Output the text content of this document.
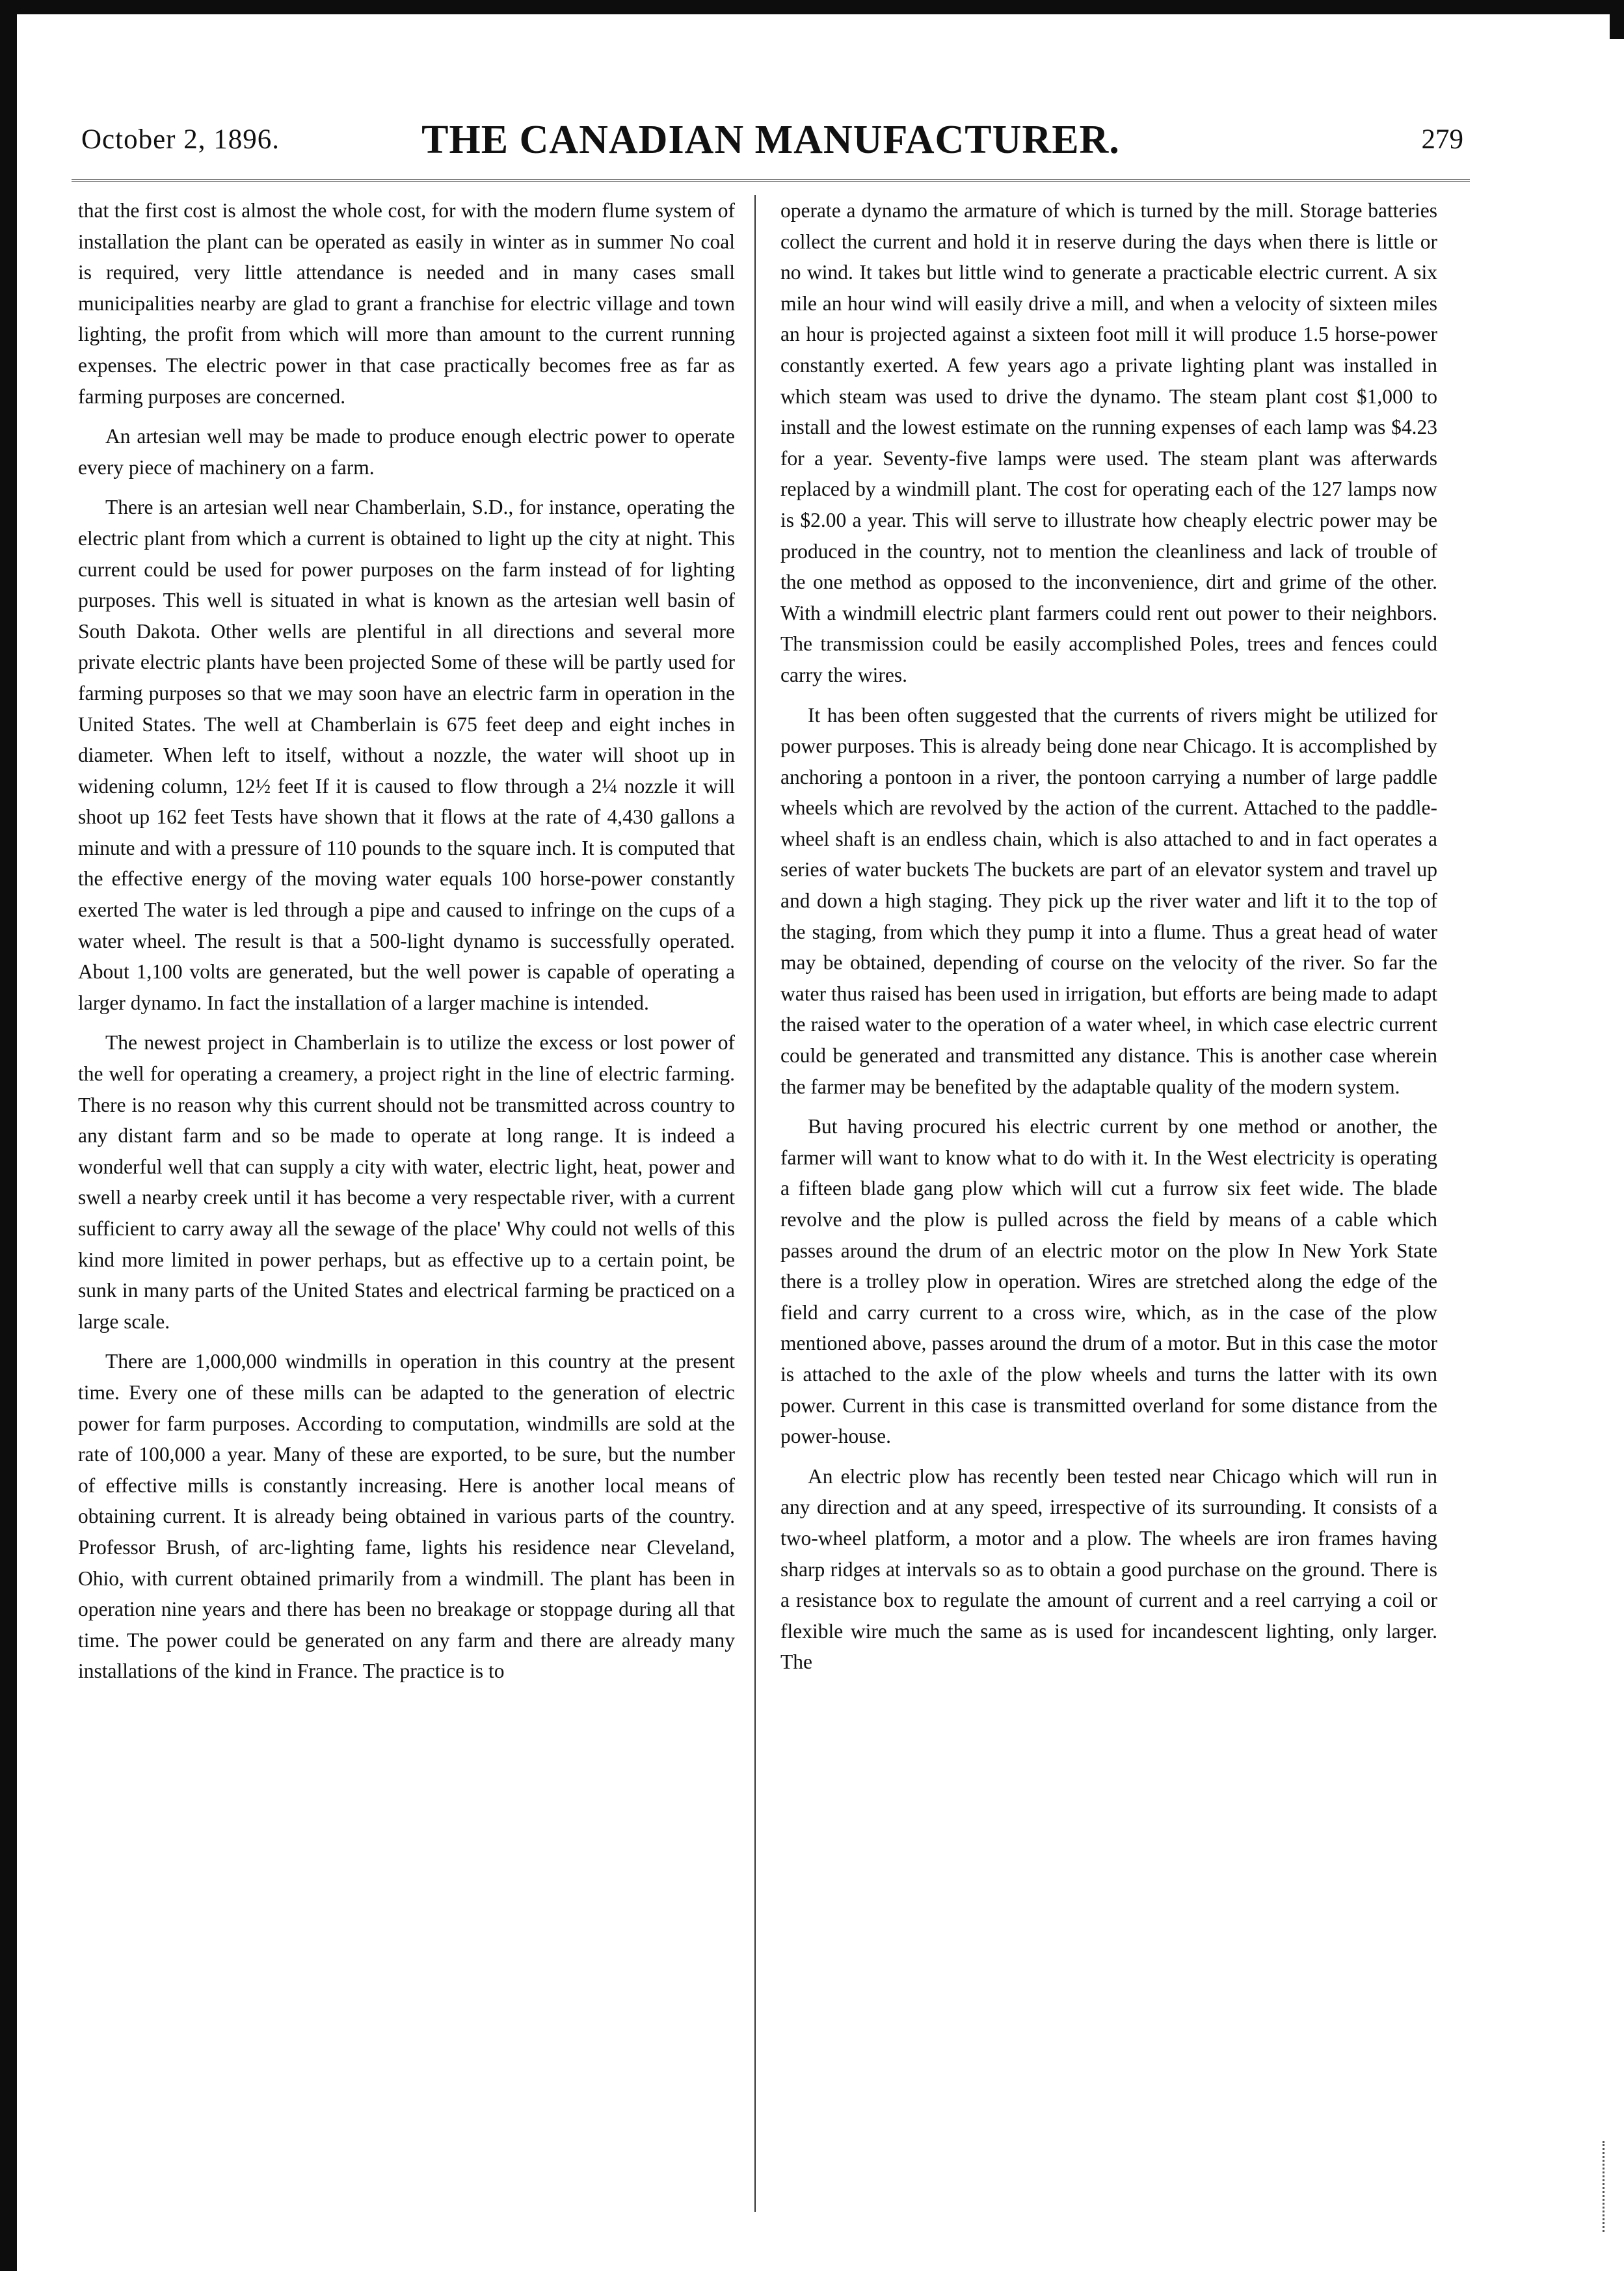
October 2, 1896.	THE CANADIAN MANUFACTURER.	279

that the first cost is almost the whole cost, for with the modern flume system of installation the plant can be operated as easily in winter as in summer No coal is required, very little attendance is needed and in many cases small municipalities nearby are glad to grant a franchise for electric village and town lighting, the profit from which will more than amount to the current running expenses. The electric power in that case practically becomes free as far as farming purposes are concerned.

An artesian well may be made to produce enough electric power to operate every piece of machinery on a farm.

There is an artesian well near Chamberlain, S.D., for instance, operating the electric plant from which a current is obtained to light up the city at night. This current could be used for power purposes on the farm instead of for lighting purposes. This well is situated in what is known as the artesian well basin of South Dakota. Other wells are plentiful in all directions and several more private electric plants have been projected Some of these will be partly used for farming purposes so that we may soon have an electric farm in operation in the United States. The well at Chamberlain is 675 feet deep and eight inches in diameter. When left to itself, without a nozzle, the water will shoot up in widening column, 12½ feet If it is caused to flow through a 2¼ nozzle it will shoot up 162 feet Tests have shown that it flows at the rate of 4,430 gallons a minute and with a pressure of 110 pounds to the square inch. It is computed that the effective energy of the moving water equals 100 horse-power constantly exerted The water is led through a pipe and caused to infringe on the cups of a water wheel. The result is that a 500-light dynamo is successfully operated. About 1,100 volts are generated, but the well power is capable of operating a larger dynamo. In fact the installation of a larger machine is intended.

The newest project in Chamberlain is to utilize the excess or lost power of the well for operating a creamery, a project right in the line of electric farming. There is no reason why this current should not be transmitted across country to any distant farm and so be made to operate at long range. It is indeed a wonderful well that can supply a city with water, electric light, heat, power and swell a nearby creek until it has become a very respectable river, with a current sufficient to carry away all the sewage of the place' Why could not wells of this kind more limited in power perhaps, but as effective up to a certain point, be sunk in many parts of the United States and electrical farming be practiced on a large scale.

There are 1,000,000 windmills in operation in this country at the present time. Every one of these mills can be adapted to the generation of electric power for farm purposes. According to computation, windmills are sold at the rate of 100,000 a year. Many of these are exported, to be sure, but the number of effective mills is constantly increasing. Here is another local means of obtaining current. It is already being obtained in various parts of the country. Professor Brush, of arc-lighting fame, lights his residence near Cleveland, Ohio, with current obtained primarily from a windmill. The plant has been in operation nine years and there has been no breakage or stoppage during all that time. The power could be generated on any farm and there are already many installations of the kind in France. The practice is to

operate a dynamo the armature of which is turned by the mill. Storage batteries collect the current and hold it in reserve during the days when there is little or no wind. It takes but little wind to generate a practicable electric current. A six mile an hour wind will easily drive a mill, and when a velocity of sixteen miles an hour is projected against a sixteen foot mill it will produce 1.5 horse-power constantly exerted. A few years ago a private lighting plant was installed in which steam was used to drive the dynamo. The steam plant cost $1,000 to install and the lowest estimate on the running expenses of each lamp was $4.23 for a year. Seventy-five lamps were used. The steam plant was afterwards replaced by a windmill plant. The cost for operating each of the 127 lamps now is $2.00 a year. This will serve to illustrate how cheaply electric power may be produced in the country, not to mention the cleanliness and lack of trouble of the one method as opposed to the inconvenience, dirt and grime of the other. With a windmill electric plant farmers could rent out power to their neighbors. The transmission could be easily accomplished Poles, trees and fences could carry the wires.

It has been often suggested that the currents of rivers might be utilized for power purposes. This is already being done near Chicago. It is accomplished by anchoring a pontoon in a river, the pontoon carrying a number of large paddle wheels which are revolved by the action of the current. Attached to the paddle-wheel shaft is an endless chain, which is also attached to and in fact operates a series of water buckets The buckets are part of an elevator system and travel up and down a high staging. They pick up the river water and lift it to the top of the staging, from which they pump it into a flume. Thus a great head of water may be obtained, depending of course on the velocity of the river. So far the water thus raised has been used in irrigation, but efforts are being made to adapt the raised water to the operation of a water wheel, in which case electric current could be generated and transmitted any distance. This is another case wherein the farmer may be benefited by the adaptable quality of the modern system.

But having procured his electric current by one method or another, the farmer will want to know what to do with it. In the West electricity is operating a fifteen blade gang plow which will cut a furrow six feet wide. The blade revolve and the plow is pulled across the field by means of a cable which passes around the drum of an electric motor on the plow In New York State there is a trolley plow in operation. Wires are stretched along the edge of the field and carry current to a cross wire, which, as in the case of the plow mentioned above, passes around the drum of a motor. But in this case the motor is attached to the axle of the plow wheels and turns the latter with its own power. Current in this case is transmitted overland for some distance from the power-house.

An electric plow has recently been tested near Chicago which will run in any direction and at any speed, irrespective of its surrounding. It consists of a two-wheel platform, a motor and a plow. The wheels are iron frames having sharp ridges at intervals so as to obtain a good purchase on the ground. There is a resistance box to regulate the amount of current and a reel carrying a coil or flexible wire much the same as is used for incandescent lighting, only larger. The
